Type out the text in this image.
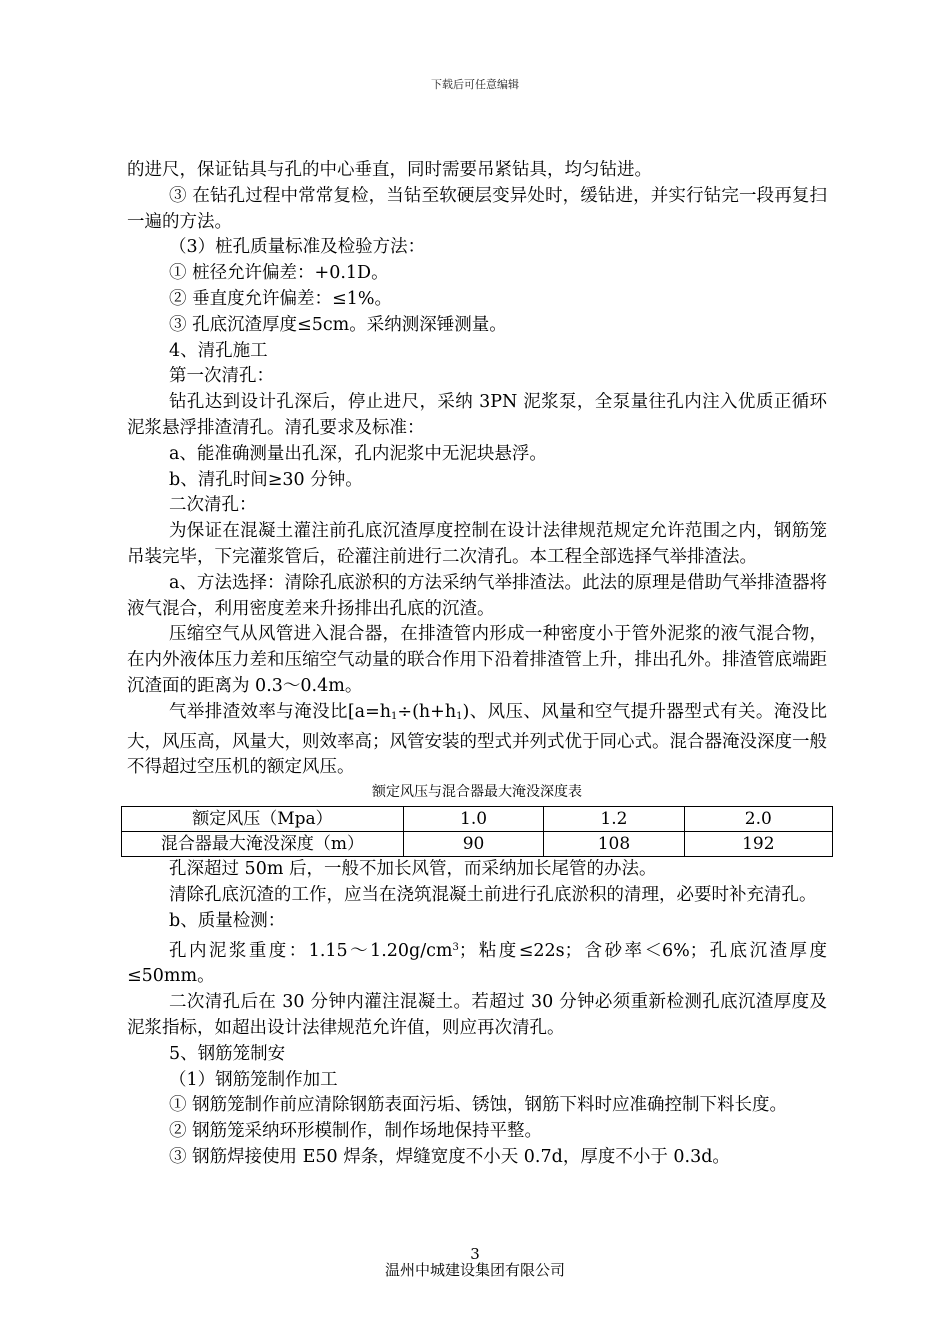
下载后可任意编辑

的进尺，保证钻具与孔的中心垂直，同时需要吊紧钻具，均匀钻进。

③ 在钻孔过程中常常复检，当钻至软硬层变异处时，缓钻进，并实行钻完一段再复扫一遍的方法。

（3）桩孔质量标准及检验方法：

① 桩径允许偏差：+0.1D。

② 垂直度允许偏差：≤1%。

③ 孔底沉渣厚度≤5cm。采纳测深锤测量。

4、清孔施工

第一次清孔：

钻孔达到设计孔深后，停止进尺，采纳 3PN 泥浆泵，全泵量往孔内注入优质正循环泥浆悬浮排渣清孔。清孔要求及标准：

a、能准确测量出孔深，孔内泥浆中无泥块悬浮。

b、清孔时间≥30 分钟。

二次清孔：

为保证在混凝土灌注前孔底沉渣厚度控制在设计法律规范规定允许范围之内，钢筋笼吊装完毕，下完灌浆管后，砼灌注前进行二次清孔。本工程全部选择气举排渣法。

a、方法选择：清除孔底淤积的方法采纳气举排渣法。此法的原理是借助气举排渣器将液气混合，利用密度差来升扬排出孔底的沉渣。

压缩空气从风管进入混合器，在排渣管内形成一种密度小于管外泥浆的液气混合物，在内外液体压力差和压缩空气动量的联合作用下沿着排渣管上升，排出孔外。排渣管底端距沉渣面的距离为 0.3～0.4m。

气举排渣效率与淹没比[$a=h_1\div(h+h_1)$、风压、风量和空气提升器型式有关。淹没比大，风压高，风量大，则效率高；风管安装的型式并列式优于同心式。混合器淹没深度一般不得超过空压机的额定风压。

额定风压与混合器最大淹没深度表

额定风压（Mpa）	1.0	1.2	2.0
混合器最大淹没深度（m）	90	108	192

孔深超过 50m 后，一般不加长风管，而采纳加长尾管的办法。

清除孔底沉渣的工作，应当在浇筑混凝土前进行孔底淤积的清理，必要时补充清孔。

b、质量检测：

孔内泥浆重度：$1.15\sim 1.20g/cm^3$；粘度≤22s；含砂率＜6%；孔底沉渣厚度≤50mm。

二次清孔后在 30 分钟内灌注混凝土。若超过 30 分钟必须重新检测孔底沉渣厚度及泥浆指标，如超出设计法律规范允许值，则应再次清孔。

5、钢筋笼制安

（1）钢筋笼制作加工

① 钢筋笼制作前应清除钢筋表面污垢、锈蚀，钢筋下料时应准确控制下料长度。

② 钢筋笼采纳环形模制作，制作场地保持平整。

③ 钢筋焊接使用 E50 焊条，焊缝宽度不小天 0.7d，厚度不小于 0.3d。

3
温州中城建设集团有限公司
